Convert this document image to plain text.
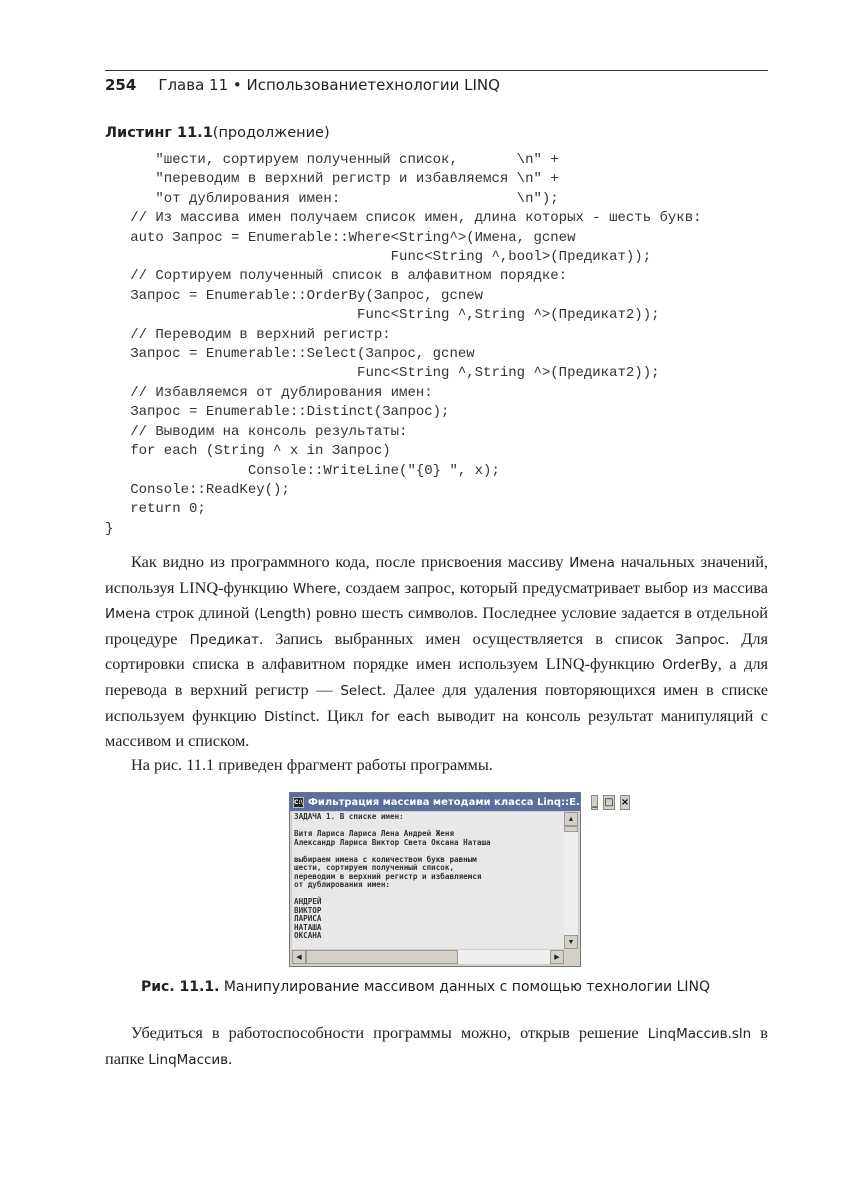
254 Глава 11 • Использованиетехнологии LINQ
Листинг 11.1(продолжение)
"шести, сортируем полученный список,       \n" +
"переводим в верхний регистр и избавляемся \n" +
"от дублирования имен:                     \n");
// Из массива имен получаем список имен, длина которых - шесть букв:
auto Запрос = Enumerable::Where<String^>(Имена, gcnew
Func<String ^,bool>(Предикат));
// Сортируем полученный список в алфавитном порядке:
Запрос = Enumerable::OrderBy(Запрос, gcnew
Func<String ^,String ^>(Предикат2));
// Переводим в верхний регистр:
Запрос = Enumerable::Select(Запрос, gcnew
Func<String ^,String ^>(Предикат2));
// Избавляемся от дублирования имен:
Запрос = Enumerable::Distinct(Запрос);
// Выводим на консоль результаты:
for each (String ^ x in Запрос)
Console::WriteLine("{0} ", x);
Console::ReadKey();
return 0;
}

Как видно из программного кода, после присвоения массиву Имена начальных значений, используя LINQ-функцию Where, создаем запрос, который предусматривает выбор из массива Имена строк длиной (Length) ровно шесть символов. Последнее условие задается в отдельной процедуре Предикат. Запись выбранных имен осуществляется в список Запрос. Для сортировки списка в алфавитном порядке имен используем LINQ-функцию OrderBy, а для перевода в верхний регистр — Select. Далее для удаления повторяющихся имен в списке используем функцию Distinct. Цикл for each выводит на консоль результат манипуляций с массивом и списком.

На рис. 11.1 приведен фрагмент работы программы.

C:\ Фильтрация массива методами класса Linq::E... _ □ ×
ЗАДАЧА 1. В списке имен:

Витя Лариса Лариса Лена Андрей Женя
Александр Лариса Виктор Света Оксана Наташа

выбираем имена с количеством букв равным
шести, сортируем полученный список,
переводим в верхний регистр и избавляемся
от дублирования имен:

АНДРЕЙ
ВИКТОР
ЛАРИСА
НАТАША
ОКСАНА
▲
▼
◀	▶
Рис. 11.1. Манипулирование массивом данных с помощью технологии LINQ

Убедиться в работоспособности программы можно, открыв решение LinqМассив.sln в папке LinqМассив.
